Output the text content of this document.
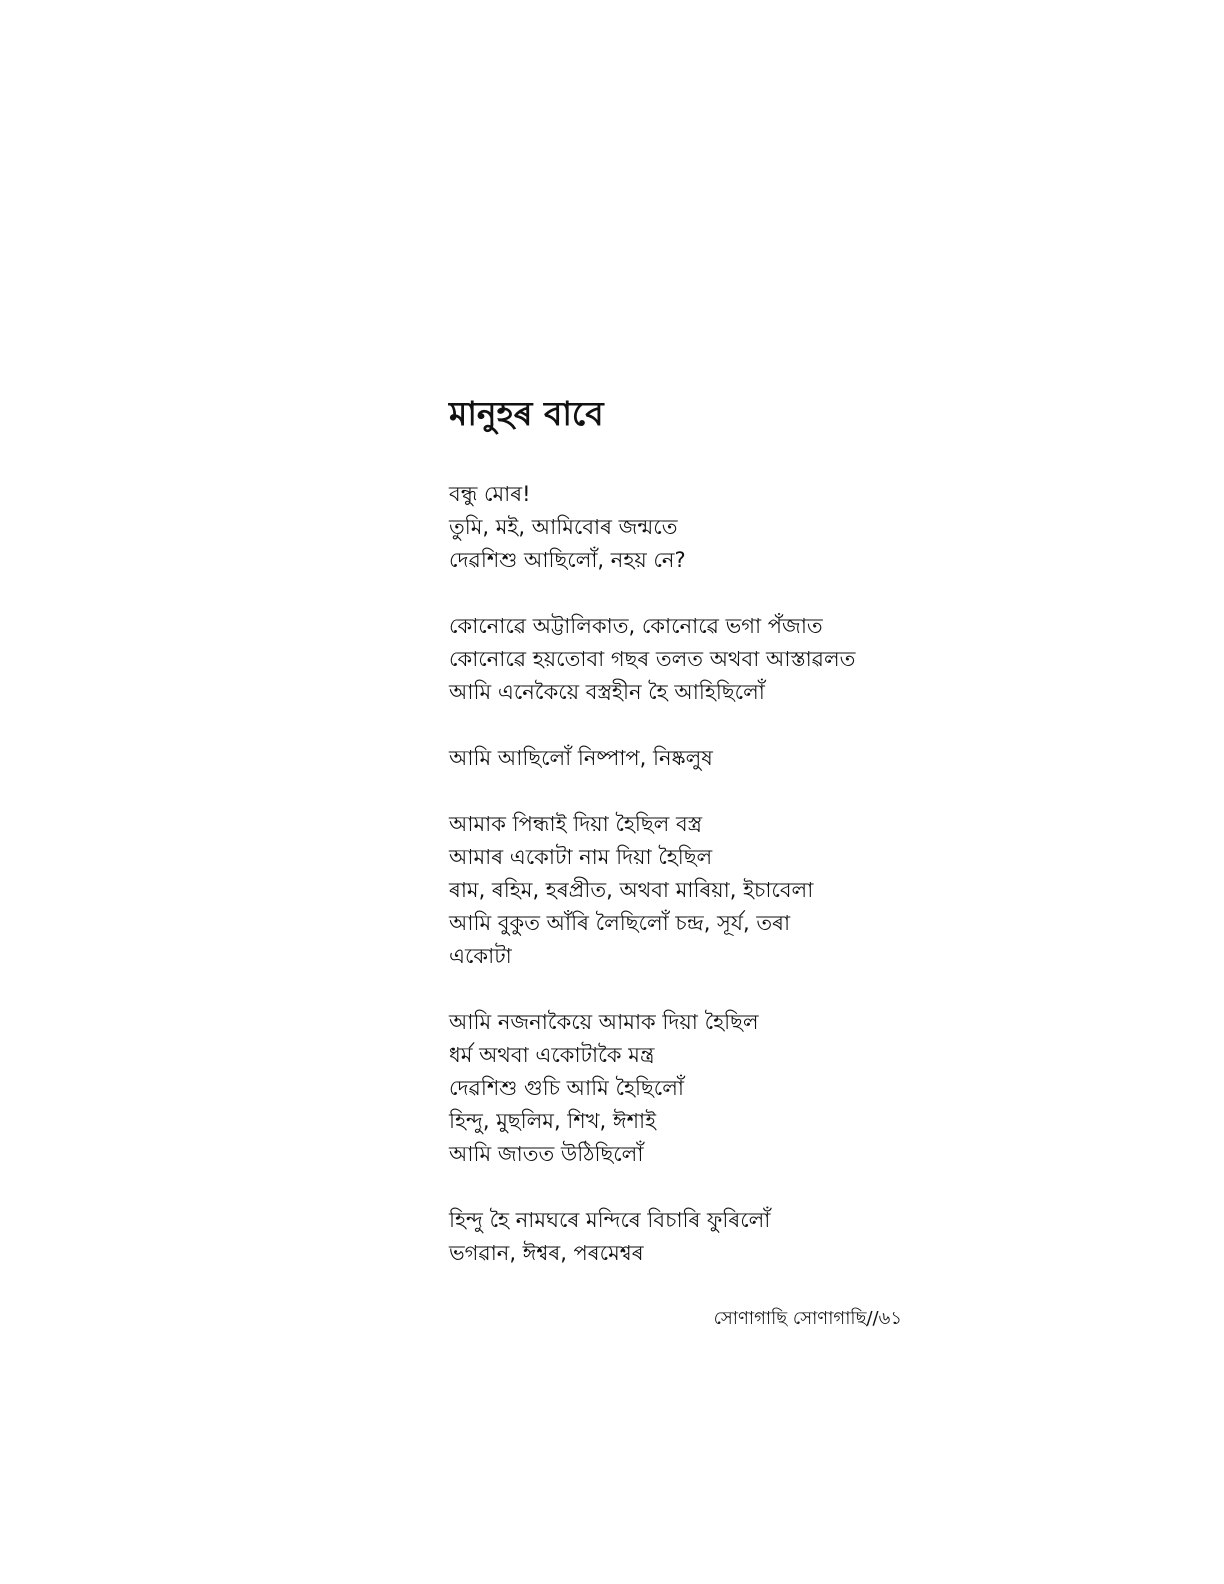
মানুহৰ বাবে
বন্ধু মোৰ!
তুমি, মই, আমিবোৰ জন্মতে
দেৱশিশু আছিলোঁ, নহয় নে?
কোনোৱে অট্টালিকাত, কোনোৱে ভগা পঁজাত
কোনোৱে হয়তোবা গছৰ তলত অথবা আস্তাৱলত
আমি এনেকৈয়ে বস্ত্রহীন হৈ আহিছিলোঁ
আমি আছিলোঁ নিষ্পাপ, নিষ্কলুষ
আমাক পিন্ধাই দিয়া হৈছিল বস্ত্র
আমাৰ একোটা নাম দিয়া হৈছিল
ৰাম, ৰহিম, হৰপ্রীত, অথবা মাৰিয়া, ইচাবেলা
আমি বুকুত আঁৰি লৈছিলোঁ চন্দ্র, সূর্য, তৰা
একোটা
আমি নজনাকৈয়ে আমাক দিয়া হৈছিল
ধর্ম অথবা একোটাকৈ মন্ত্র
দেৱশিশু গুচি আমি হৈছিলোঁ
হিন্দু, মুছলিম, শিখ, ঈশাই
আমি জাতত উঠিছিলোঁ
হিন্দু হৈ নামঘৰে মন্দিৰে বিচাৰি ফুৰিলোঁ
ভগৱান, ঈশ্বৰ, পৰমেশ্বৰ
সোণাগাছি সোণাগাছি//৬১
